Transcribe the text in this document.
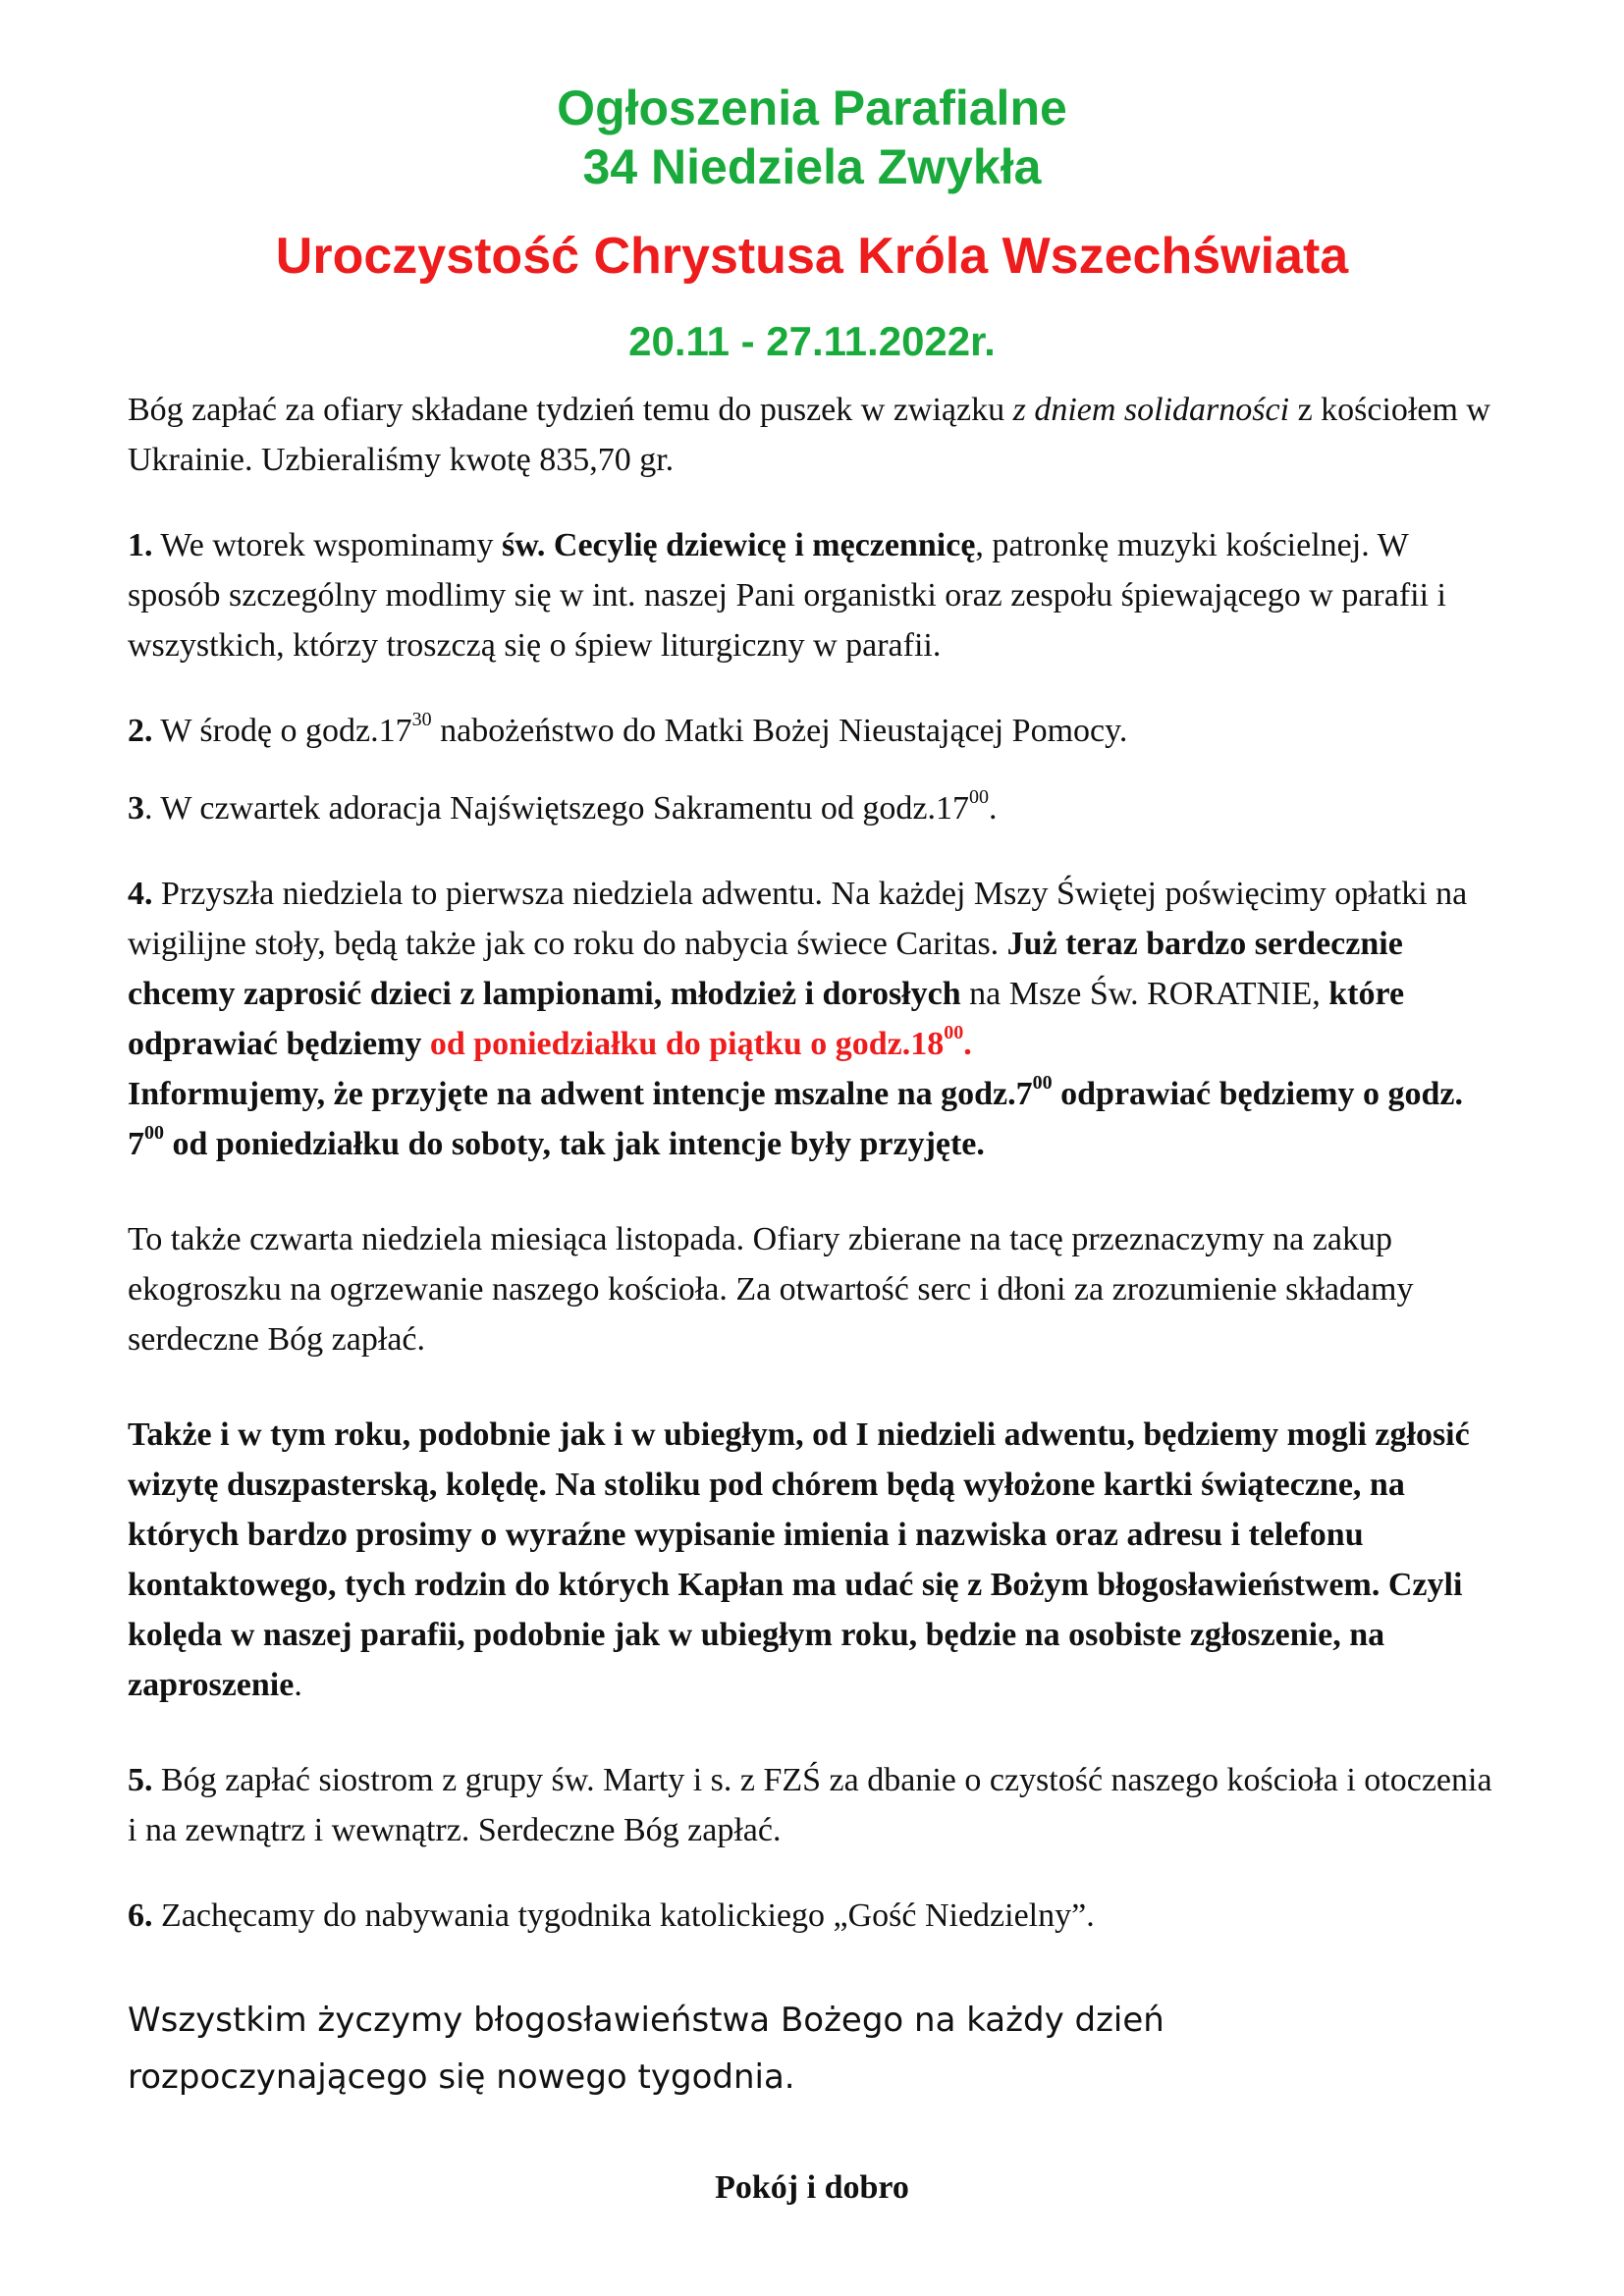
Ogłoszenia Parafialne
34 Niedziela Zwykła
Uroczystość Chrystusa Króla Wszechświata
20.11 - 27.11.2022r.

Bóg zapłać za ofiary składane tydzień temu do puszek w związku z dniem solidarności z kościołem w Ukrainie. Uzbieraliśmy kwotę 835,70 gr.

1. We wtorek wspominamy św. Cecylię dziewicę i męczennicę, patronkę muzyki kościelnej. W sposób szczególny modlimy się w int. naszej Pani organistki oraz zespołu śpiewającego w parafii i wszystkich, którzy troszczą się o śpiew liturgiczny w parafii.

2. W środę o $godz.17^{30}$ nabożeństwo do Matki Bożej Nieustającej Pomocy.

3. W czwartek adoracja Najświętszego Sakramentu od $godz.17^{00}$.

4. Przyszła niedziela to pierwsza niedziela adwentu. Na każdej Mszy Świętej poświęcimy opłatki na wigilijne stoły, będą także jak co roku do nabycia świece Caritas. Już teraz bardzo serdecznie chcemy zaprosić dzieci z lampionami, młodzież i dorosłych na Msze Św. RORATNIE, które odprawiać będziemy od poniedziałku do piątku o $godz.18^{00}$.
Informujemy, że przyjęte na adwent intencje mszalne na $godz.7^{00}$ odprawiać będziemy o godz. $7^{00}$ od poniedziałku do soboty, tak jak intencje były przyjęte.

To także czwarta niedziela miesiąca listopada. Ofiary zbierane na tacę przeznaczymy na zakup ekogroszku na ogrzewanie naszego kościoła. Za otwartość serc i dłoni za zrozumienie składamy serdeczne Bóg zapłać.

Także i w tym roku, podobnie jak i w ubiegłym, od I niedzieli adwentu, będziemy mogli zgłosić wizytę duszpasterską, kolędę. Na stoliku pod chórem będą wyłożone kartki świąteczne, na których bardzo prosimy o wyraźne wypisanie imienia i nazwiska oraz adresu i telefonu kontaktowego, tych rodzin do których Kapłan ma udać się z Bożym błogosławieństwem. Czyli kolęda w naszej parafii, podobnie jak w ubiegłym roku, będzie na osobiste zgłoszenie, na zaproszenie.

5. Bóg zapłać siostrom z grupy św. Marty i s. z FZŚ za dbanie o czystość naszego kościoła i otoczenia i na zewnątrz i wewnątrz. Serdeczne Bóg zapłać.

6. Zachęcamy do nabywania tygodnika katolickiego „Gość Niedzielny”.

Wszystkim życzymy błogosławieństwa Bożego na każdy dzień
rozpoczynającego się nowego tygodnia.
Pokój i dobro
